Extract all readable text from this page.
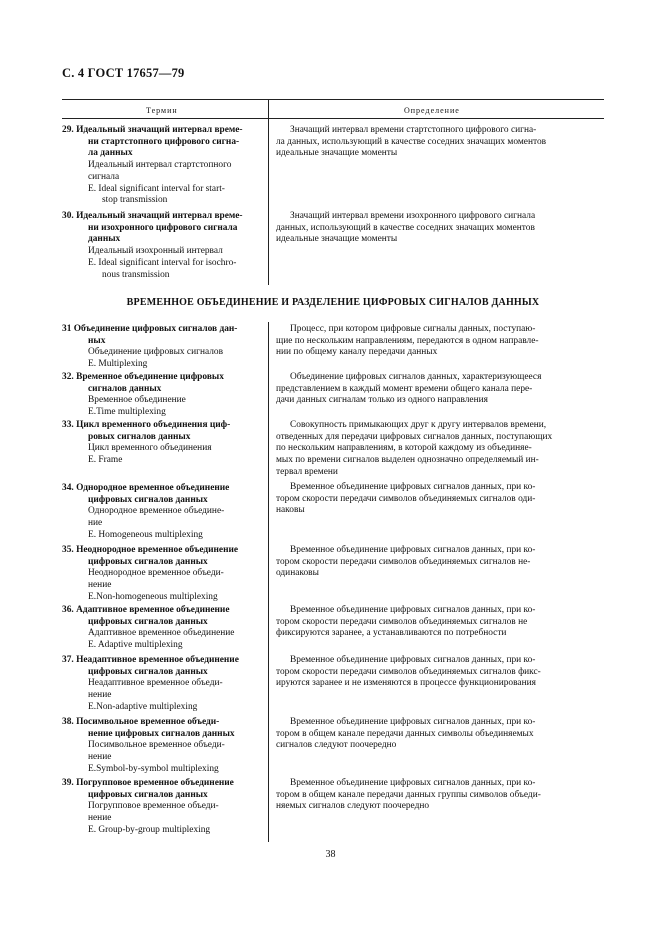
С. 4 ГОСТ 17657—79
Термин	Определение
ВРЕМЕННОЕ ОБЪЕДИНЕНИЕ И РАЗДЕЛЕНИЕ ЦИФРОВЫХ СИГНАЛОВ ДАННЫХ
29. Идеальный значащий интервал време-
ни стартстопного цифрового сигна-
ла данных
Идеальный интервал стартстопного
сигнала
E. Ideal significant interval for start-
stop transmission
Значащий интервал времени стартстопного цифрового сигна-
ла данных, использующий в качестве соседних значащих моментов
идеальные значащие моменты
30. Идеальный значащий интервал време-
ни изохронного цифрового сигнала
данных
Идеальный изохронный интервал
E. Ideal significant interval for isochro-
nous transmission
Значащий интервал времени изохронного цифрового сигнала
данных, использующий в качестве соседних значащих моментов
идеальные значащие моменты
31 Объединение цифровых сигналов дан-
ных
Объединение цифровых сигналов
E. Multiplexing
Процесс, при котором цифровые сигналы данных, поступаю-
щие по нескольким направлениям, передаются в одном направле-
нии по общему каналу передачи данных
32. Временное объединение цифровых
сигналов данных
Временное объединение
E.Time multiplexing
Объединение цифровых сигналов данных, характеризующееся
представлением в каждый момент времени общего канала пере-
дачи данных сигналам только из одного направления
33. Цикл временного объединения циф-
ровых сигналов данных
Цикл временного объединения
E. Frame
Совокупность примыкающих друг к другу интервалов времени,
отведенных для передачи цифровых сигналов данных, поступающих
по нескольким направлениям, в которой каждому из объединяе-
мых по времени сигналов выделен однозначно определяемый ин-
тервал времени
34. Однородное временное объединение
цифровых сигналов данных
Однородное временное объедине-
ние
E. Homogeneous multiplexing
Временное объединение цифровых сигналов данных, при ко-
тором скорости передачи символов объединяемых сигналов оди-
наковы
35. Неоднородное временное объединение
цифровых сигналов данных
Неоднородное временное объеди-
нение
E.Non-homogeneous multiplexing
Временное объединение цифровых сигналов данных, при ко-
тором скорости передачи символов объединяемых сигналов не-
одинаковы
36. Адаптивное временное объединение
цифровых сигналов данных
Адаптивное временное объединение
E. Adaptive multiplexing
Временное объединение цифровых сигналов данных, при ко-
тором скорости передачи символов объединяемых сигналов не
фиксируются заранее, а устанавливаются по потребности
37. Неадаптивное временное объединение
цифровых сигналов данных
Неадаптивное временное объеди-
нение
E.Non-adaptive multiplexing
Временное объединение цифровых сигналов данных, при ко-
тором скорости передачи символов объединяемых сигналов фикс-
ируются заранее и не изменяются в процессе функционирования
38. Посимвольное временное объеди-
нение цифровых сигналов данных
Посимвольное временное объеди-
нение
E.Symbol-by-symbol multiplexing
Временное объединение цифровых сигналов данных, при ко-
тором в общем канале передачи данных символы объединяемых
сигналов следуют поочередно
39. Погрупповое временное объединение
цифровых сигналов данных
Погрупповое временное объеди-
нение
E. Group-by-group multiplexing
Временное объединение цифровых сигналов данных, при ко-
тором в общем канале передачи данных группы символов объеди-
няемых сигналов следуют поочередно
38
